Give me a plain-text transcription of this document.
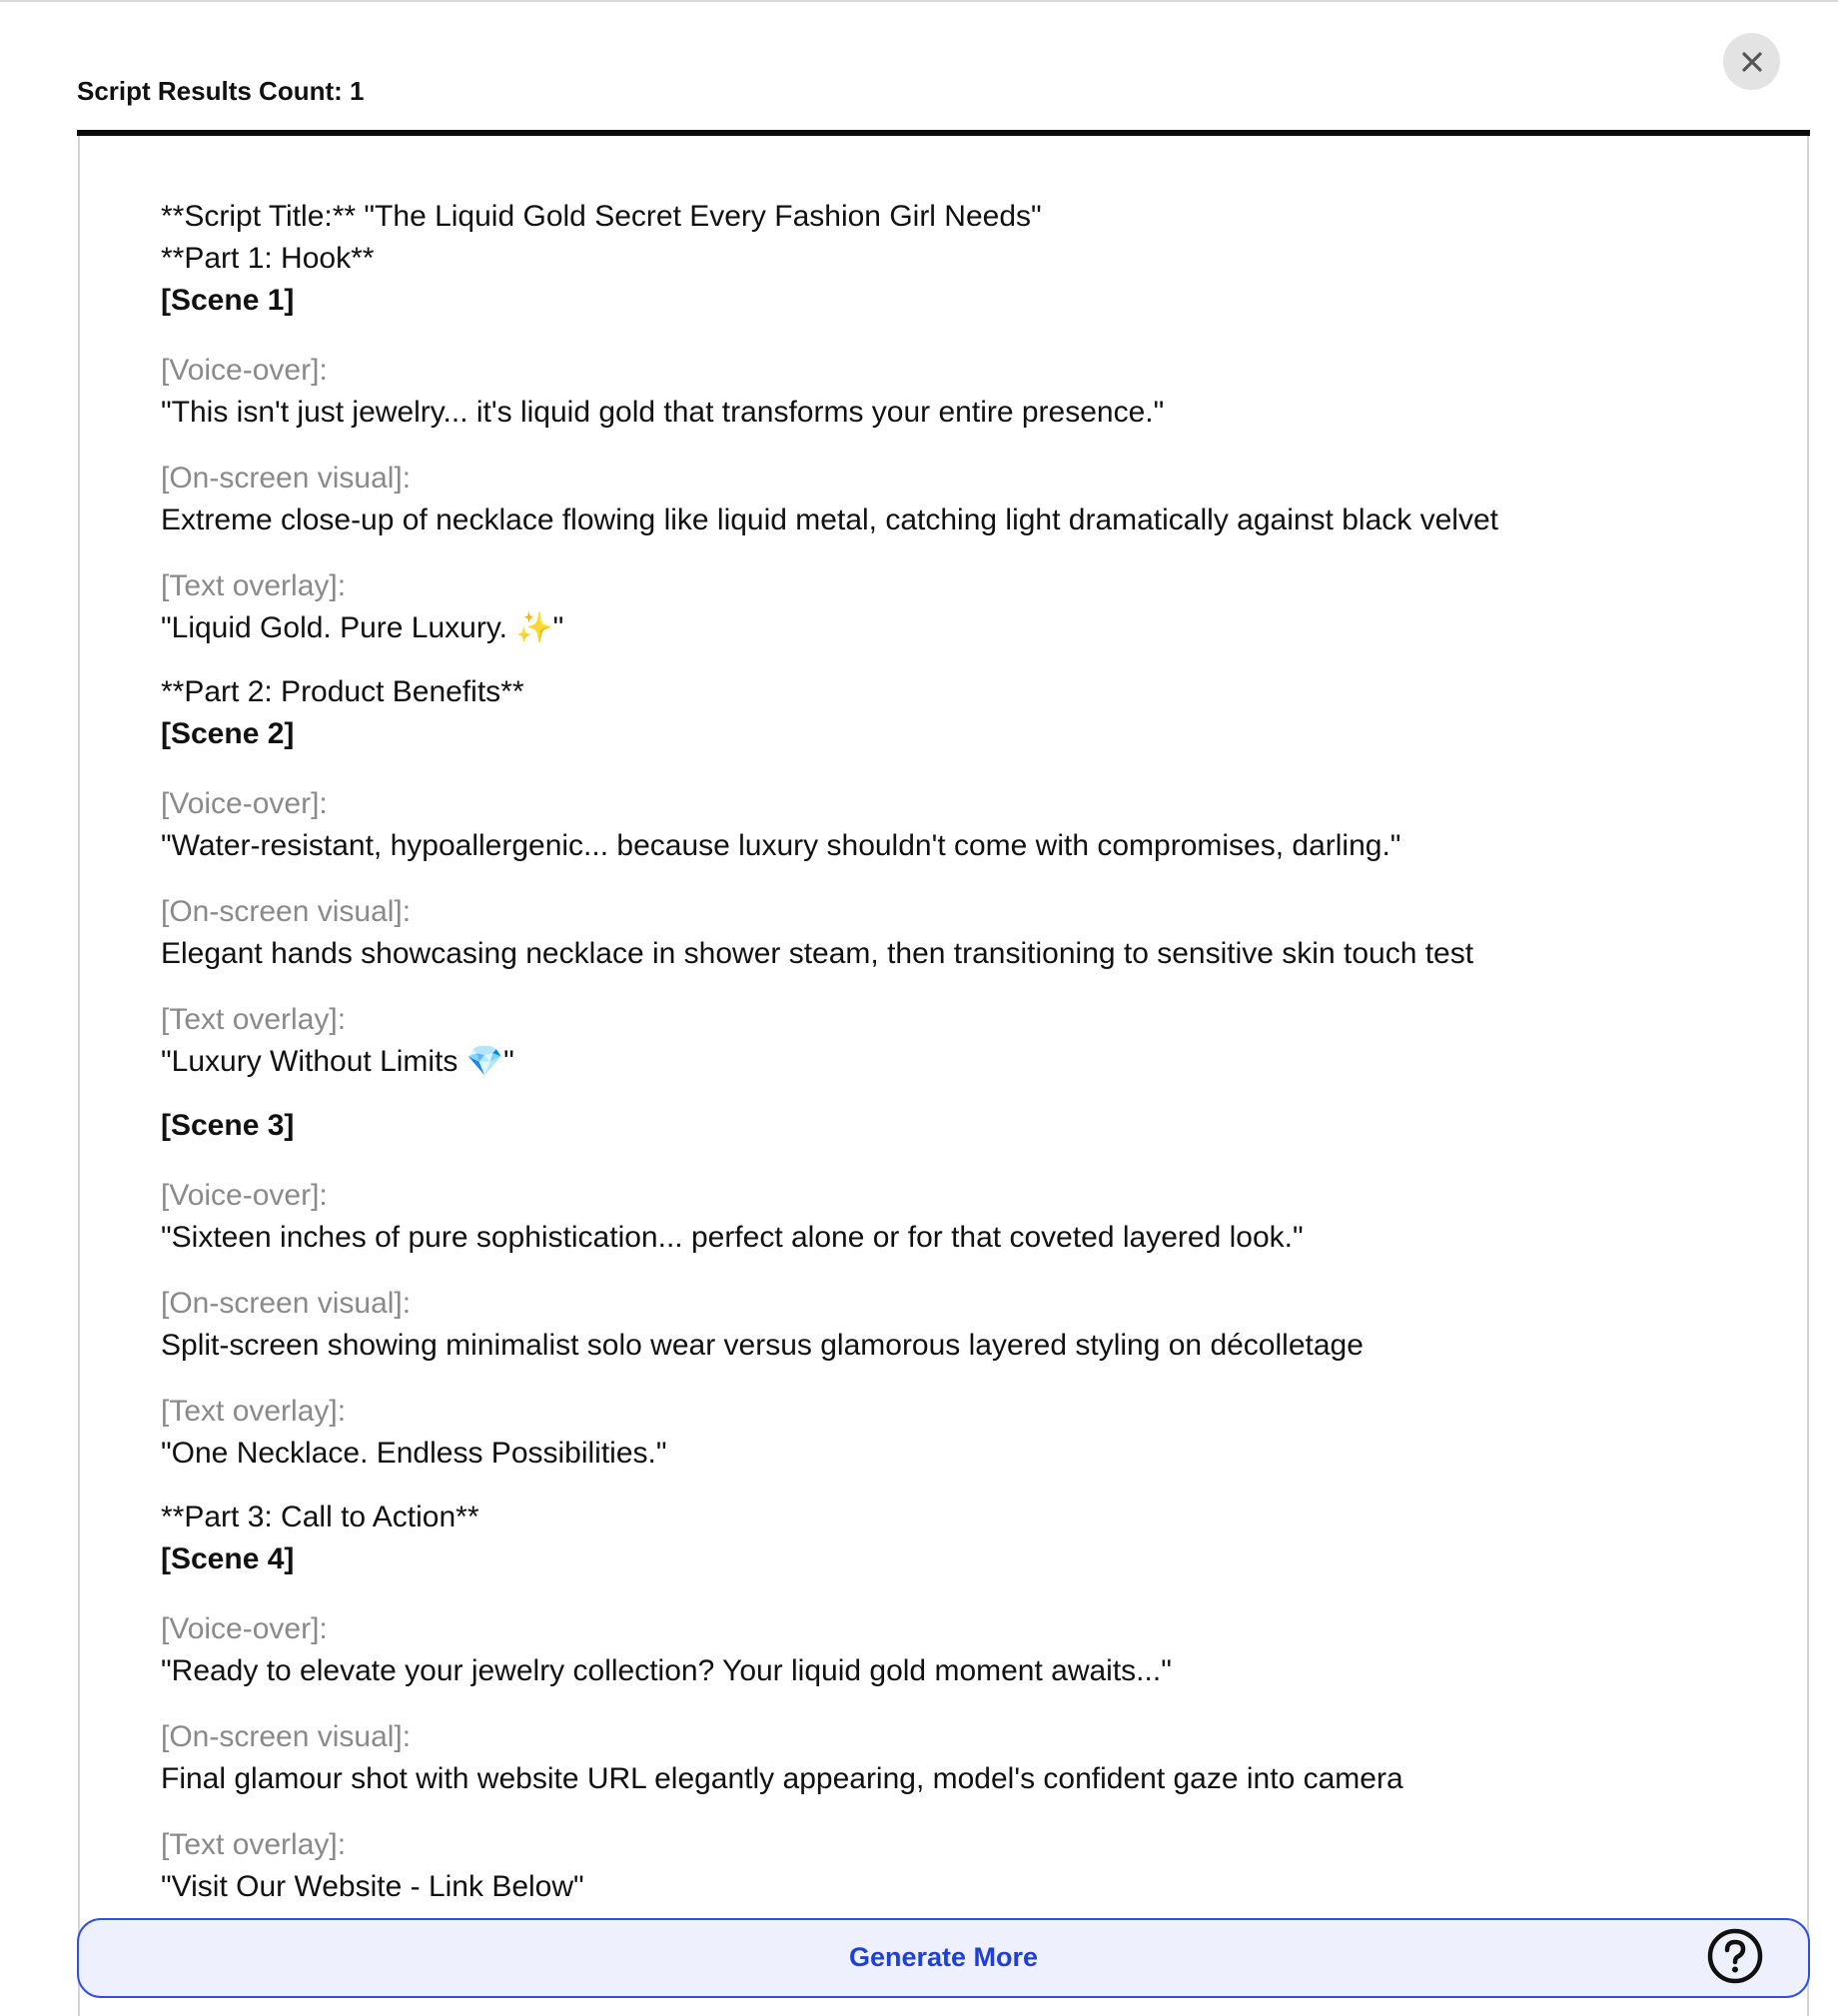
Script Results Count: 1
**Script Title:** "The Liquid Gold Secret Every Fashion Girl Needs"
**Part 1: Hook**
[Scene 1]
[Voice-over]:
"This isn't just jewelry... it's liquid gold that transforms your entire presence."
[On-screen visual]:
Extreme close-up of necklace flowing like liquid metal, catching light dramatically against black velvet
[Text overlay]:
"Liquid Gold. Pure Luxury. ✨"
**Part 2: Product Benefits**
[Scene 2]
[Voice-over]:
"Water-resistant, hypoallergenic... because luxury shouldn't come with compromises, darling."
[On-screen visual]:
Elegant hands showcasing necklace in shower steam, then transitioning to sensitive skin touch test
[Text overlay]:
"Luxury Without Limits 💎"
[Scene 3]
[Voice-over]:
"Sixteen inches of pure sophistication... perfect alone or for that coveted layered look."
[On-screen visual]:
Split-screen showing minimalist solo wear versus glamorous layered styling on décolletage
[Text overlay]:
"One Necklace. Endless Possibilities."
**Part 3: Call to Action**
[Scene 4]
[Voice-over]:
"Ready to elevate your jewelry collection? Your liquid gold moment awaits..."
[On-screen visual]:
Final glamour shot with website URL elegantly appearing, model's confident gaze into camera
[Text overlay]:
"Visit Our Website - Link Below"
Generate More
